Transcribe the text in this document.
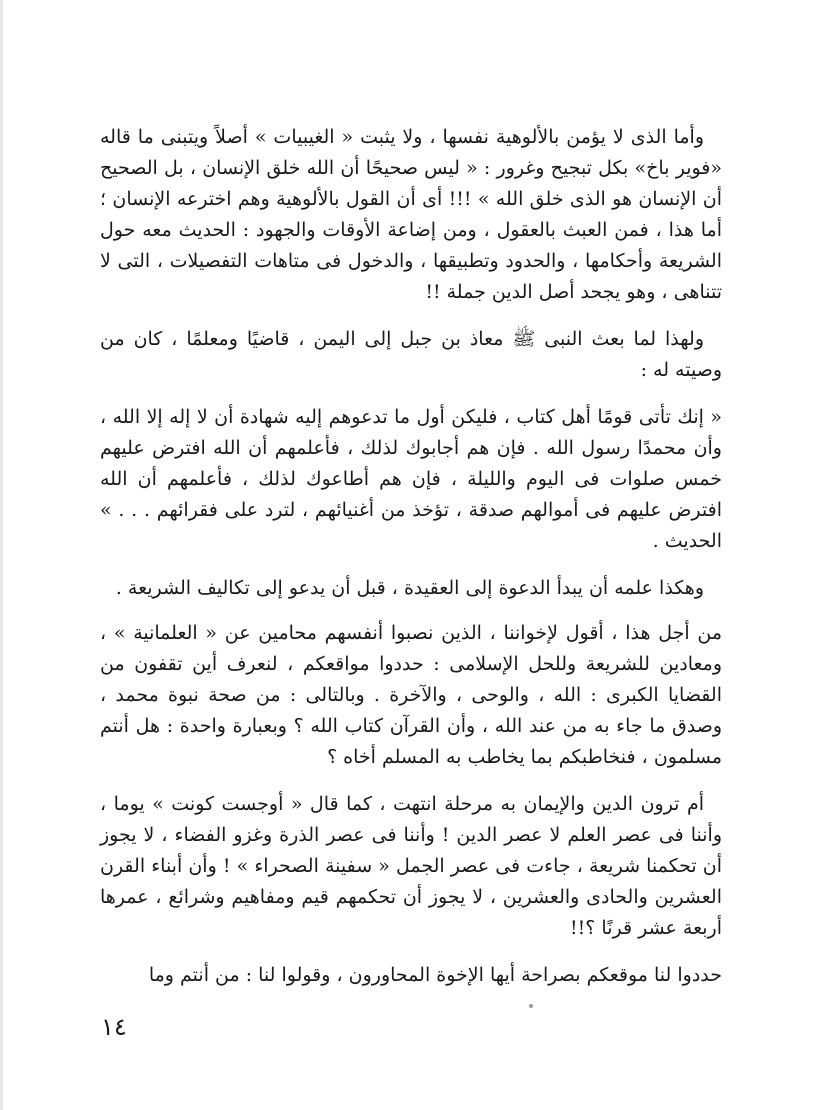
وأما الذى لا يؤمن بالألوهية نفسها ، ولا يثبت « الغيبيات » أصلاً ويتبنى ما قاله «فوير باخ» بكل تبجيح وغرور : « ليس صحيحًا أن الله خلق الإنسان ، بل الصحيح أن الإنسان هو الذى خلق الله » !!! أى أن القول بالألوهية وهم اخترعه الإنسان ؛ أما هذا ، فمن العبث بالعقول ، ومن إضاعة الأوقات والجهود : الحديث معه حول الشريعة وأحكامها ، والحدود وتطبيقها ، والدخول فى متاهات التفصيلات ، التى لا تتناهى ، وهو يجحد أصل الدين جملة !!

ولهذا لما بعث النبى ﷺ معاذ بن جبل إلى اليمن ، قاضيًا ومعلمًا ، كان من وصيته له :

« إنك تأتى قومًا أهل كتاب ، فليكن أول ما تدعوهم إليه شهادة أن لا إله إلا الله ، وأن محمدًا رسول الله . فإن هم أجابوك لذلك ، فأعلمهم أن الله افترض عليهم خمس صلوات فى اليوم والليلة ، فإن هم أطاعوك لذلك ، فأعلمهم أن الله افترض عليهم فى أموالهم صدقة ، تؤخذ من أغنيائهم ، لترد على فقرائهم . . . » الحديث .

وهكذا علمه أن يبدأ الدعوة إلى العقيدة ، قبل أن يدعو إلى تكاليف الشريعة .

من أجل هذا ، أقول لإخواننا ، الذين نصبوا أنفسهم محامين عن « العلمانية » ، ومعادين للشريعة وللحل الإسلامى : حددوا مواقعكم ، لنعرف أين تقفون من القضايا الكبرى : الله ، والوحى ، والآخرة . وبالتالى : من صحة نبوة محمد ، وصدق ما جاء به من عند الله ، وأن القرآن كتاب الله ؟ وبعبارة واحدة : هل أنتم مسلمون ، فنخاطبكم بما يخاطب به المسلم أخاه ؟

أم ترون الدين والإيمان به مرحلة انتهت ، كما قال « أوجست كونت » يوما ، وأننا فى عصر العلم لا عصر الدين ! وأننا فى عصر الذرة وغزو الفضاء ، لا يجوز أن تحكمنا شريعة ، جاءت فى عصر الجمل « سفينة الصحراء » ! وأن أبناء القرن العشرين والحادى والعشرين ، لا يجوز أن تحكمهم قيم ومفاهيم وشرائع ، عمرها أربعة عشر قرنًا ؟!!

حددوا لنا موقعكم بصراحة أيها الإخوة المحاورون ، وقولوا لنا : من أنتم وما

١٤
